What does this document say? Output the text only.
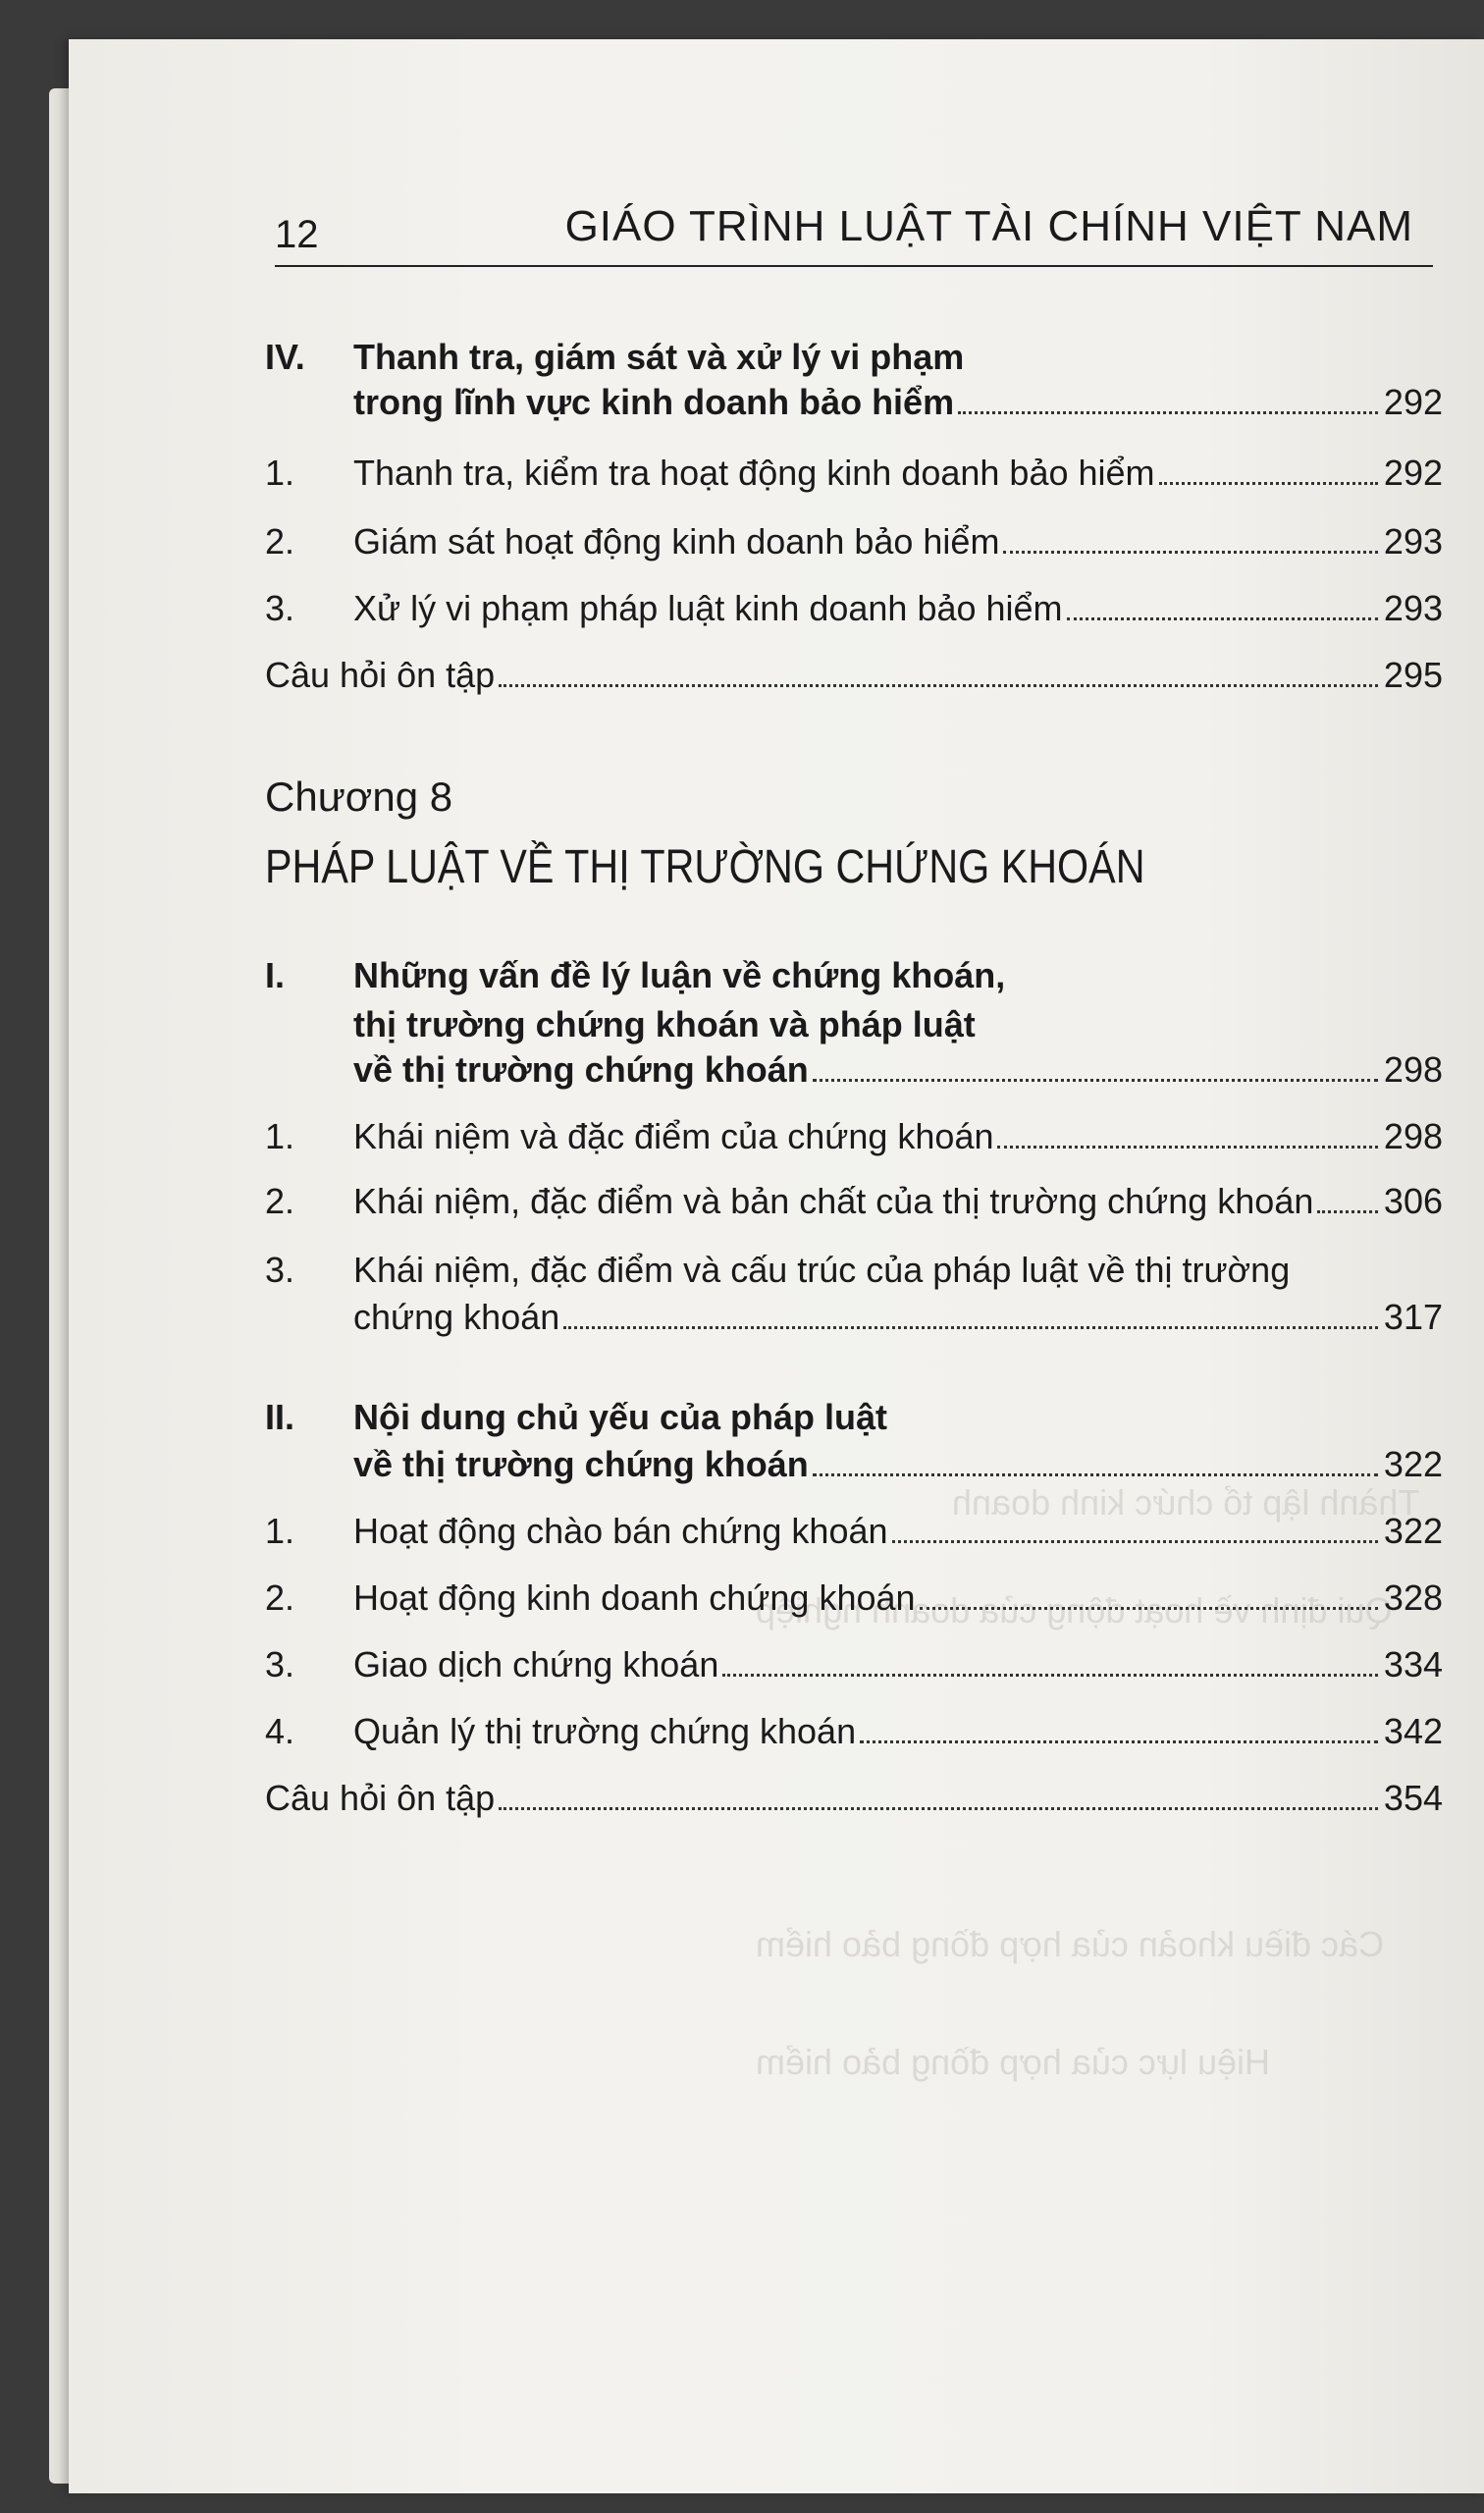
Thành lập tổ chức kinh doanh
Qui định về hoạt động của doanh nghiệp
Các điều khoản của hợp đồng bảo hiểm
Hiệu lực của hợp đồng bảo hiểm
12	GIÁO TRÌNH LUẬT TÀI CHÍNH VIỆT NAM
IV. Thanh tra, giám sát và xử lý vi phạm
trong lĩnh vực kinh doanh bảo hiểm	292
1.	Thanh tra, kiểm tra hoạt động kinh doanh bảo hiểm	292
2.	Giám sát hoạt động kinh doanh bảo hiểm	293
3.	Xử lý vi phạm pháp luật kinh doanh bảo hiểm	293
Câu hỏi ôn tập	295
Chương 8
PHÁP LUẬT VỀ THỊ TRƯỜNG CHỨNG KHOÁN
I. Những vấn đề lý luận về chứng khoán,
thị trường chứng khoán và pháp luật
về thị trường chứng khoán	298
1.	Khái niệm và đặc điểm của chứng khoán	298
2.	Khái niệm, đặc điểm và bản chất của thị trường chứng khoán 306
3. Khái niệm, đặc điểm và cấu trúc của pháp luật về thị trường
chứng khoán	317
II. Nội dung chủ yếu của pháp luật
về thị trường chứng khoán	322
1.	Hoạt động chào bán chứng khoán	322
2.	Hoạt động kinh doanh chứng khoán	328
3.	Giao dịch chứng khoán	334
4.	Quản lý thị trường chứng khoán	342
Câu hỏi ôn tập	354
